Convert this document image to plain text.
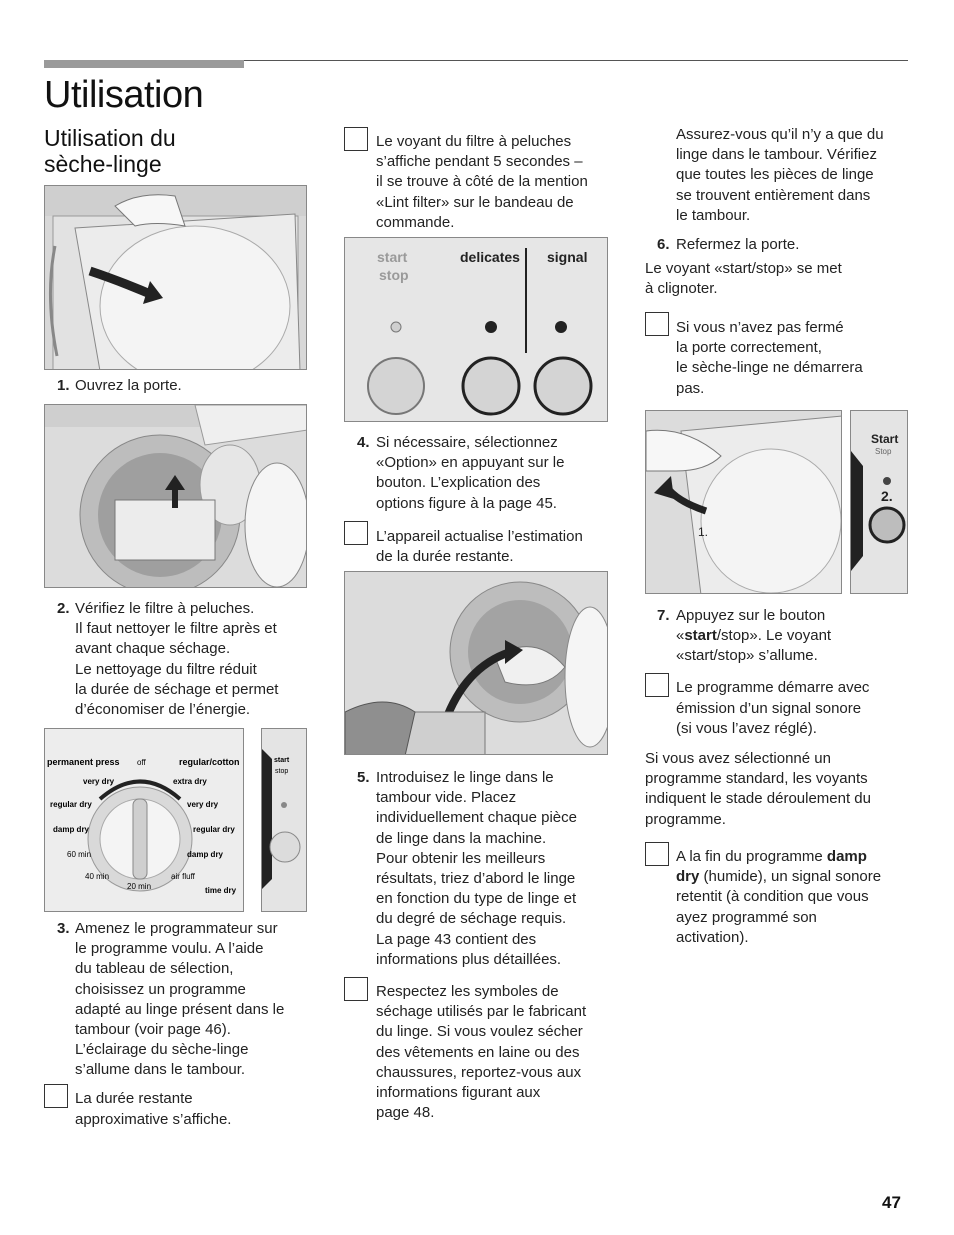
Utilisation
Utilisation du
sèche-linge
1. Ouvrez la porte.

2. Vérifiez le filtre à peluches.

Il faut nettoyer le filtre après et

avant chaque séchage.

Le nettoyage du filtre réduit

la durée de séchage et permet

d’économiser de l’énergie.

permanent press off	regular/cotton
very dry	extra dry
regular dry	very dry
damp dry	regular dry
60 min	damp dry
40 min	air fluff
20 min	time dry
start
stop
3. Amenez le programmateur sur

le programme voulu. A l’aide

du tableau de sélection,

choisissez un programme

adapté au linge présent dans le

tambour (voir page 46).

L’éclairage du sèche-linge

s’allume dans le tambour.

La durée restante

approximative s’affiche.

Le voyant du filtre à peluches

s’affiche pendant 5 secondes –

il se trouve à côté de la mention

«Lint filter» sur le bandeau de

commande.

start
stop
delicates signal
4. Si nécessaire, sélectionnez

«Option» en appuyant sur le

bouton. L’explication des

options figure à la page 45.

L’appareil actualise l’estimation

de la durée restante.

5. Introduisez le linge dans le

tambour vide. Placez

individuellement chaque pièce

de linge dans la machine.

Pour obtenir les meilleurs

résultats, triez d’abord le linge

en fonction du type de linge et

du degré de séchage requis.

La page 43 contient des

informations plus détaillées.

Respectez les symboles de

séchage utilisés par le fabricant

du linge. Si vous voulez sécher

des vêtements en laine ou des

chaussures, reportez-vous aux

informations figurant aux

page 48.

Assurez-vous qu’il n’y a que du

linge dans le tambour. Vérifiez

que toutes les pièces de linge

se trouvent entièrement dans

le tambour.

6. Refermez la porte.

Le voyant «start/stop» se met

à clignoter.

Si vous n’avez pas fermé

la porte correctement,

le sèche-linge ne démarrera

pas.

1.
Start
Stop
2.
7. Appuyez sur le bouton

«start/stop». Le voyant

«start/stop» s’allume.

Le programme démarre avec

émission d’un signal sonore

(si vous l’avez réglé).

Si vous avez sélectionné un

programme standard, les voyants

indiquent le stade déroulement du

programme.

A la fin du programme damp

dry (humide), un signal sonore

retentit (à condition que vous

ayez programmé son

activation).

47
